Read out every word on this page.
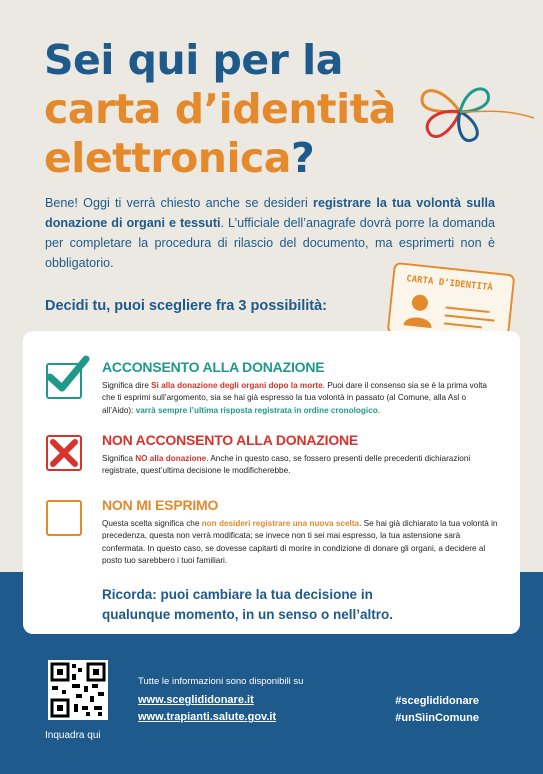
Sei qui per la
carta d’identità
elettronica?
Bene! Oggi ti verrà chiesto anche se desideri registrare la tua volontà sulla donazione di organi e tessuti. L’ufficiale dell’anagrafe dovrà porre la domanda per completare la procedura di rilascio del documento, ma esprimerti non è obbligatorio.
CARTA D’IDENTITÀ
Decidi tu, puoi scegliere fra 3 possibilità:
ACCONSENTO ALLA DONAZIONE
Significa dire Sì alla donazione degli organi dopo la morte. Puoi dare il consenso sia se è la prima volta che ti esprimi sull’argomento, sia se hai già espresso la tua volontà in passato (al Comune, alla Asl o all’Aido): varrà sempre l’ultima risposta registrata in ordine cronologico.
NON ACCONSENTO ALLA DONAZIONE
Significa NO alla donazione. Anche in questo caso, se fossero presenti delle precedenti dichiarazioni registrate, quest’ultima decisione le modificherebbe.
NON MI ESPRIMO
Questa scelta significa che non desideri registrare una nuova scelta. Se hai già dichiarato la tua volontà in precedenza, questa non verrà modificata; se invece non ti sei mai espresso, la tua astensione sarà confermata. In questo caso, se dovesse capitarti di morire in condizione di donare gli organi, a decidere al posto tuo sarebbero i tuoi familiari.
Ricorda: puoi cambiare la tua decisione in qualunque momento, in un senso o nell’altro.
Inquadra qui
Tutte le informazioni sono disponibili su
www.sceglididonare.it
www.trapianti.salute.gov.it
#sceglididonare
#unSìinComune
